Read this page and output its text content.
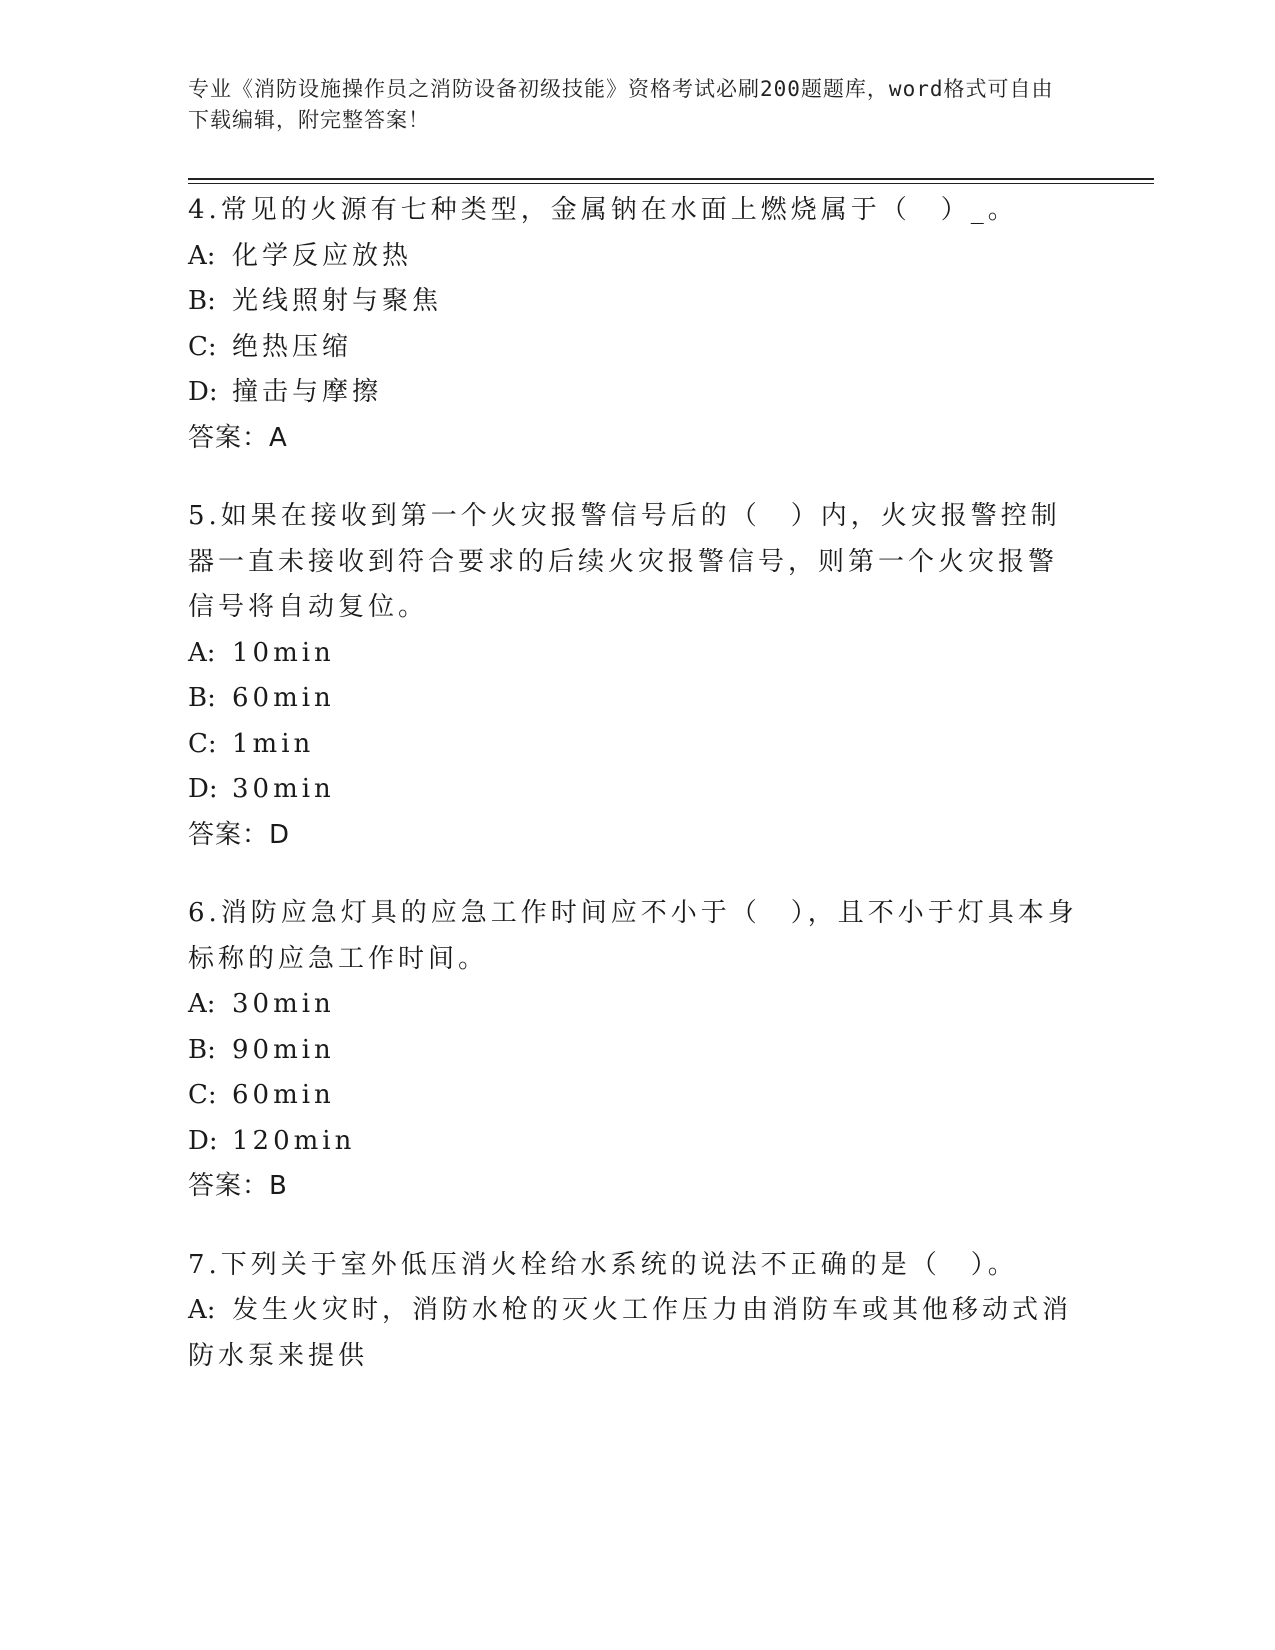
专业《消防设施操作员之消防设备初级技能》资格考试必刷200题题库，word格式可自由下载编辑，附完整答案！
4.常见的火源有七种类型，金属钠在水面上燃烧属于（　）_。
A: 化学反应放热
B: 光线照射与聚焦
C: 绝热压缩
D: 撞击与摩擦
答案：A
5.如果在接收到第一个火灾报警信号后的（　）内，火灾报警控制器一直未接收到符合要求的后续火灾报警信号，则第一个火灾报警信号将自动复位。
A: 10min
B: 60min
C: 1min
D: 30min
答案：D
6.消防应急灯具的应急工作时间应不小于（　），且不小于灯具本身标称的应急工作时间。
A: 30min
B: 90min
C: 60min
D: 120min
答案：B
7.下列关于室外低压消火栓给水系统的说法不正确的是（　）。
A: 发生火灾时，消防水枪的灭火工作压力由消防车或其他移动式消防水泵来提供
